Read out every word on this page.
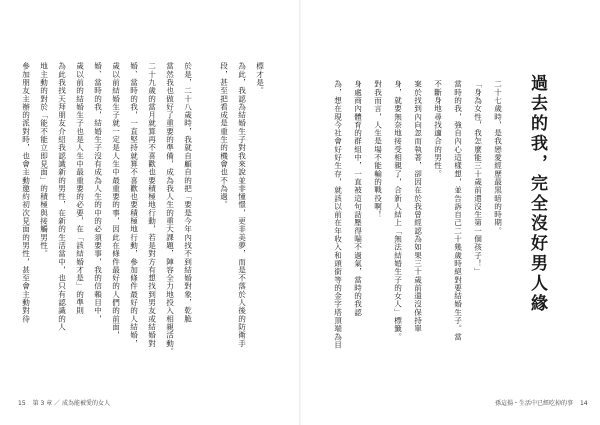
過去的我，完全沒好男人緣
二十七歲時，是我戀愛經歷最黑暗的時期。
「身為女性，我怎麼能三十歲前還沒生第一個孩子！」
當時的我，強自內心這樣想，並告訴自己二十幾歲時絕對要結婚生子。當
不斷身地尋找適合的男性。
案於找到內向忽而執著，卻因在於我曾經認為如果三十歲前還沒保持單
身，就要無奈地接受相親了，合新人結上「無法結婚生子的女人」標籤。
對我而言，人生是場不能輸的戰役啊！
身處商內體育的群組中，一直被這句話壓得喘不過氣，當時的我認
為，想在現今社會好好生存，就該以前在年收入和頭銜等的金字塔頂端為目
孫這揚・生活中已經吃掉的事 14
標才是。
為此，我認為結婚生子對我來說並非憧憬，更非美夢，而是不落於人後的防衛手
段，甚至把看成是重生的機會也不為過。
於是，二十八歲時，我就自顧自的把「要是今年內找不到結婚對象，乾脆
當然我也做好了重要的準備，成為我人生的重大課題，陣容全力地投入相親活動。
二十九歲的當月就算再不喜歡也要積極地行動，若是對方有想找到男友或結婚對
婚、當時的我，一直堅持就算不喜歡也要積極地行動，參加條件最好的人結婚，
歲以前結婚生子就一定是人生中最重要的事，因此在條件最好的人們的前面，
婚、當時的我，結婚生子沒有成為人生的中的必須要事，我的信賴目中，
歲以前的結婚生子也是人生中最重要的必要，在「該結婚才是」的準則
為此我找天拜朋友介紹我認識新的男性，在新的生活當中，也只有認識的人
地主動的對於「能不能立即見面」的積極與接觸男性。
參加朋友主辦的派對時，也會主動邀約初次見面的男性，甚至會主動對待
15 第 3 章 ／ 成為能被愛的女人
